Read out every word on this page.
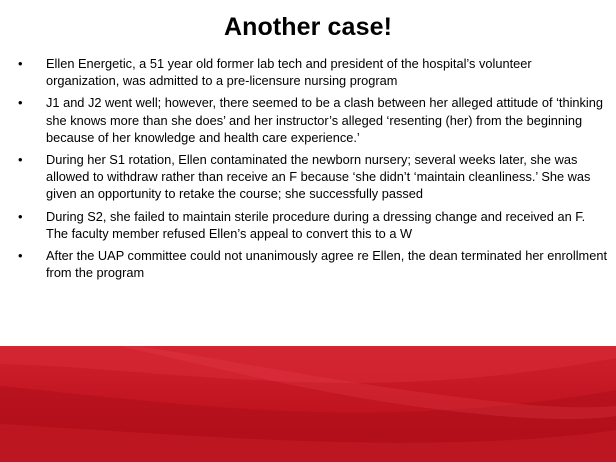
Another case!
• Ellen Energetic, a 51 year old former lab tech and president of the hospital’s volunteer organization, was admitted to a pre-licensure nursing program
• J1 and J2 went well; however, there seemed to be a clash between her alleged attitude of ‘thinking she knows more than she does’ and her instructor’s alleged ‘resenting (her) from the beginning because of her knowledge and health care experience.’
• During her S1 rotation, Ellen contaminated the newborn nursery; several weeks later, she was allowed to withdraw rather than receive an F because ‘she didn’t ‘maintain cleanliness.’ She was given an opportunity to retake the course; she successfully passed
• During S2, she failed to maintain sterile procedure during a dressing change and received an F. The faculty member refused Ellen’s appeal to convert this to a W
• After the UAP committee could not unanimously agree re Ellen, the dean terminated her enrollment from the program
